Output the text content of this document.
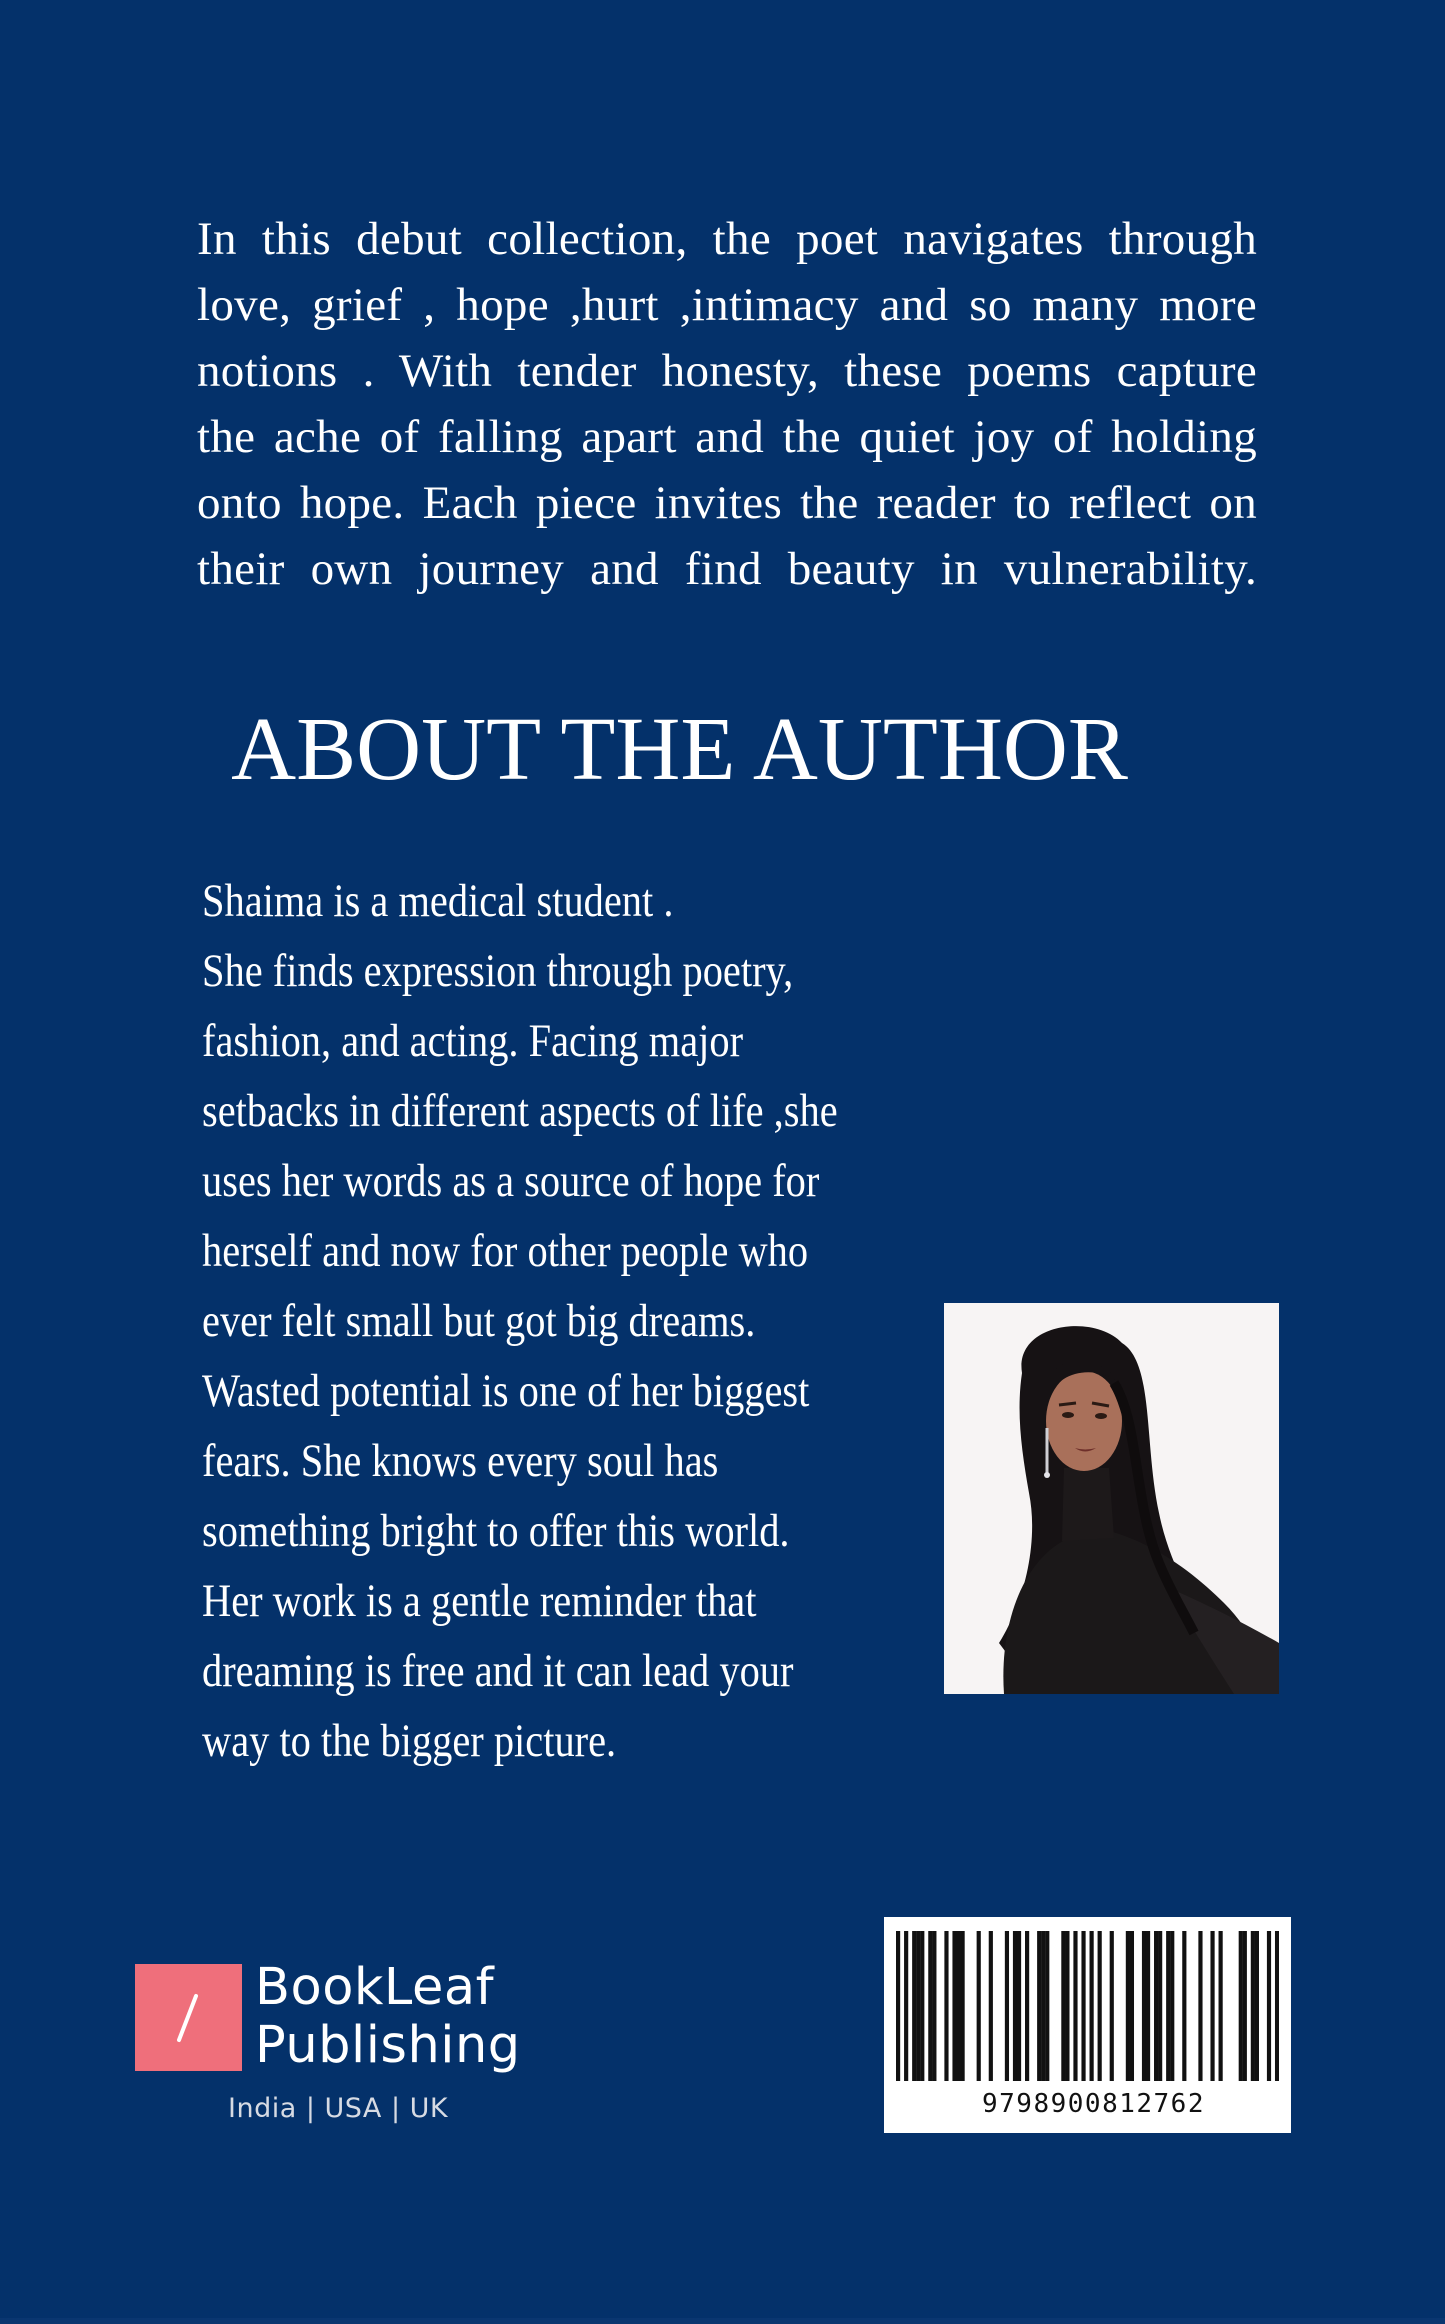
In this debut collection, the poet navigates through
love, grief , hope ,hurt ,intimacy and so many more
notions . With tender honesty, these poems capture
the ache of falling apart and the quiet joy of holding
onto hope. Each piece invites the reader to reflect on
their own journey and find beauty in vulnerability.
ABOUT THE AUTHOR
Shaima is a medical student .
She finds expression through poetry,
fashion, and acting. Facing major
setbacks in different aspects of life ,she
uses her words as a source of hope for
herself and now for other people who
ever felt small but got big dreams.
Wasted potential is one of her biggest
fears. She knows every soul has
something bright to offer this world.
Her work is a gentle reminder that
dreaming is free and it can lead your
way to the bigger picture.
BookLeaf
Publishing
India | USA | UK	9798900812762
